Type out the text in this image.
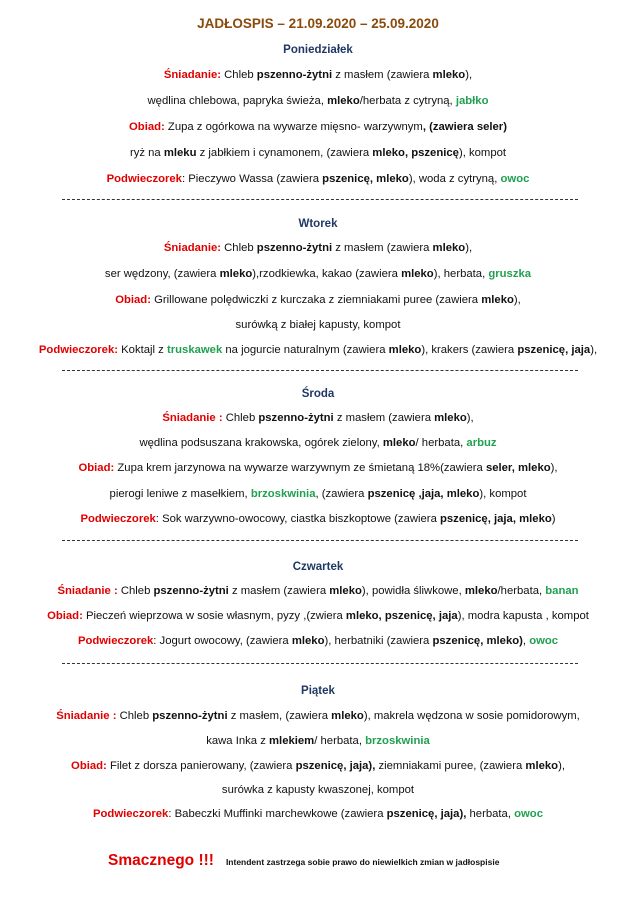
JADŁOSPIS – 21.09.2020 – 25.09.2020
Poniedziałek
Śniadanie: Chleb pszenno-żytni z masłem (zawiera mleko),
wędlina chlebowa, papryka świeża, mleko/herbata z cytryną, jabłko
Obiad: Zupa z ogórkowa na wywarze mięsno- warzywnym, (zawiera seler)
ryż na mleku z jabłkiem i cynamonem, (zawiera mleko, pszenicę), kompot
Podwieczorek: Pieczywo Wassa (zawiera pszenicę, mleko), woda z cytryną, owoc
Wtorek
Śniadanie: Chleb pszenno-żytni z masłem (zawiera mleko),
ser wędzony, (zawiera mleko),rzodkiewka, kakao (zawiera mleko), herbata, gruszka
Obiad: Grillowane polędwiczki z kurczaka z ziemniakami puree (zawiera mleko),
surówką z białej kapusty, kompot
Podwieczorek: Koktajl z truskawek na jogurcie naturalnym (zawiera mleko), krakers (zawiera pszenicę, jaja),
Środa
Śniadanie : Chleb pszenno-żytni z masłem (zawiera mleko),
wędlina podsuszana krakowska, ogórek zielony, mleko/ herbata, arbuz
Obiad: Zupa krem jarzynowa na wywarze warzywnym ze śmietaną 18%(zawiera seler, mleko),
pierogi leniwe z masełkiem, brzoskwinia, (zawiera pszenicę ,jaja, mleko), kompot
Podwieczorek: Sok warzywno-owocowy, ciastka biszkoptowe (zawiera pszenicę, jaja, mleko)
Czwartek
Śniadanie : Chleb pszenno-żytni z masłem (zawiera mleko), powidła śliwkowe, mleko/herbata, banan
Obiad: Pieczeń wieprzowa w sosie własnym, pyzy ,(zwiera mleko, pszenicę, jaja), modra kapusta , kompot
Podwieczorek: Jogurt owocowy, (zawiera mleko), herbatniki (zawiera pszenicę, mleko), owoc
Piątek
Śniadanie : Chleb pszenno-żytni z masłem, (zawiera mleko), makrela wędzona w sosie pomidorowym,
kawa Inka z mlekiem/ herbata, brzoskwinia
Obiad: Filet z dorsza panierowany, (zawiera pszenicę, jaja), ziemniakami puree, (zawiera mleko),
surówka z kapusty kwaszonej, kompot
Podwieczorek: Babeczki Muffinki marchewkowe (zawiera pszenicę, jaja), herbata, owoc
Smacznego !!! Intendent zastrzega sobie prawo do niewielkich zmian w jadłospisie
